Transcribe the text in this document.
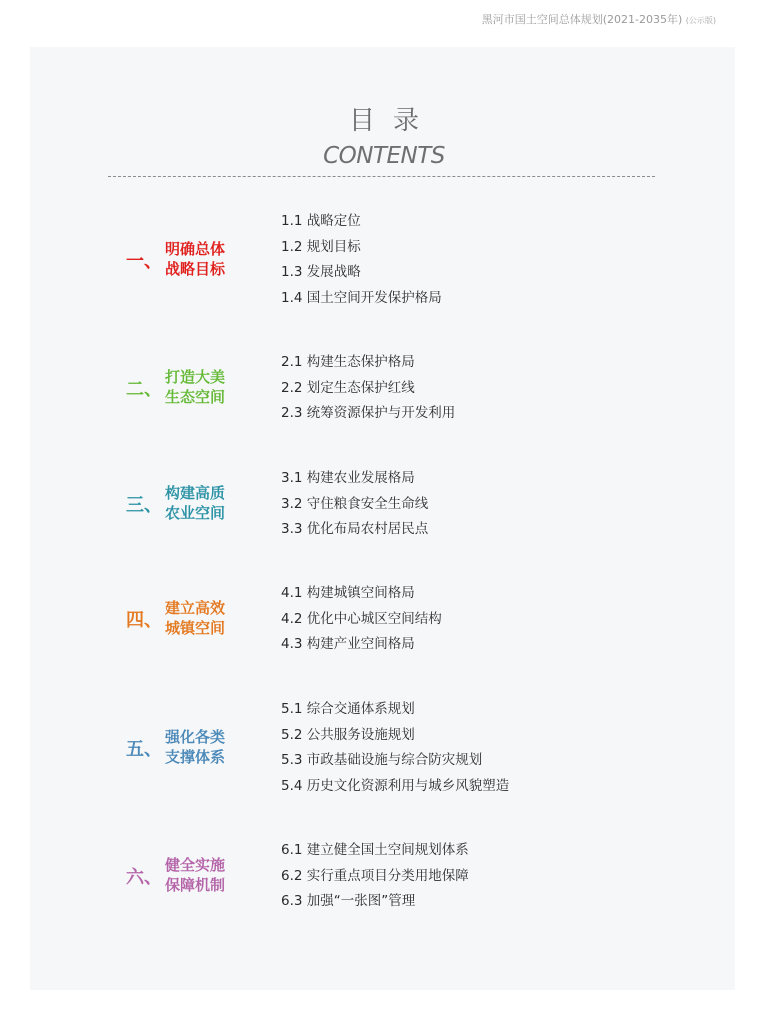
黑河市国土空间总体规划(2021-2035年) (公示版)
目录
CONTENTS
一、
明确总体
战略目标
1.1 战略定位
1.2 规划目标
1.3 发展战略
1.4 国土空间开发保护格局
二、
打造大美
生态空间
2.1 构建生态保护格局
2.2 划定生态保护红线
2.3 统筹资源保护与开发利用
三、
构建高质
农业空间
3.1 构建农业发展格局
3.2 守住粮食安全生命线
3.3 优化布局农村居民点
四、
建立高效
城镇空间
4.1 构建城镇空间格局
4.2 优化中心城区空间结构
4.3 构建产业空间格局
五、
强化各类
支撑体系
5.1 综合交通体系规划
5.2 公共服务设施规划
5.3 市政基础设施与综合防灾规划
5.4 历史文化资源利用与城乡风貌塑造
六、
健全实施
保障机制
6.1 建立健全国土空间规划体系
6.2 实行重点项目分类用地保障
6.3 加强“一张图”管理
